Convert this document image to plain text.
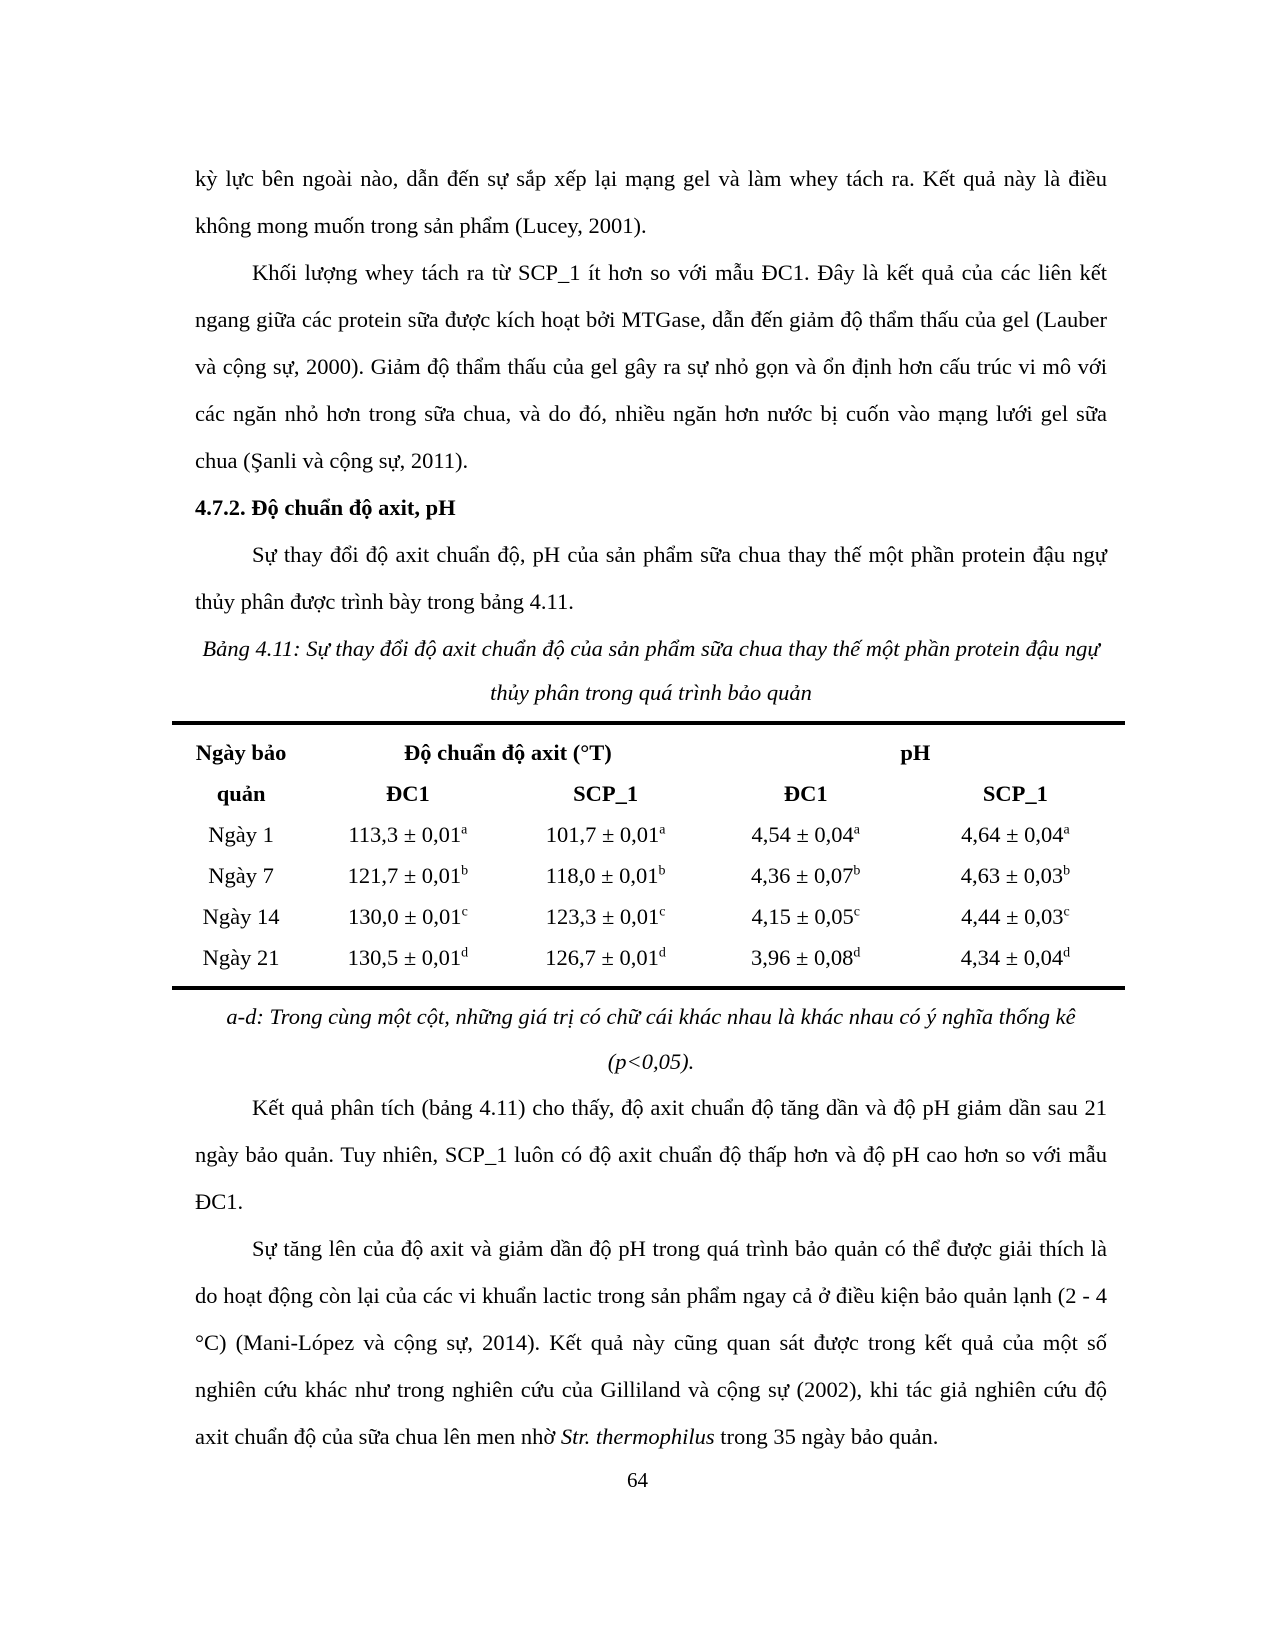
kỳ lực bên ngoài nào, dẫn đến sự sắp xếp lại mạng gel và làm whey tách ra. Kết quả này là điều không mong muốn trong sản phẩm (Lucey, 2001).

Khối lượng whey tách ra từ SCP_1 ít hơn so với mẫu ĐC1. Đây là kết quả của các liên kết ngang giữa các protein sữa được kích hoạt bởi MTGase, dẫn đến giảm độ thẩm thấu của gel (Lauber và cộng sự, 2000). Giảm độ thẩm thấu của gel gây ra sự nhỏ gọn và ổn định hơn cấu trúc vi mô với các ngăn nhỏ hơn trong sữa chua, và do đó, nhiều ngăn hơn nước bị cuốn vào mạng lưới gel sữa chua (Şanli và cộng sự, 2011).

4.7.2. Độ chuẩn độ axit, pH

Sự thay đổi độ axit chuẩn độ, pH của sản phẩm sữa chua thay thế một phần protein đậu ngự thủy phân được trình bày trong bảng 4.11.

Bảng 4.11: Sự thay đổi độ axit chuẩn độ của sản phẩm sữa chua thay thế một phần protein đậu ngự thủy phân trong quá trình bảo quản

Ngày bảo quản	Độ chuẩn độ axit (°T)		pH	
	ĐC1	SCP_1	ĐC1	SCP_1
Ngày 1	113,3 ± 0,01$^a$	101,7 ± 0,01$^a$	4,54 ± 0,04$^a$	4,64 ± 0,04$^a$
Ngày 7	121,7 ± 0,01$^b$	118,0 ± 0,01$^b$	4,36 ± 0,07$^b$	4,63 ± 0,03$^b$
Ngày 14	130,0 ± 0,01$^c$	123,3 ± 0,01$^c$	4,15 ± 0,05$^c$	4,44 ± 0,03$^c$
Ngày 21	130,5 ± 0,01$^d$	126,7 ± 0,01$^d$	3,96 ± 0,08$^d$	4,34 ± 0,04$^d$

a-d: Trong cùng một cột, những giá trị có chữ cái khác nhau là khác nhau có ý nghĩa thống kê (p<0,05).

Kết quả phân tích (bảng 4.11) cho thấy, độ axit chuẩn độ tăng dần và độ pH giảm dần sau 21 ngày bảo quản. Tuy nhiên, SCP_1 luôn có độ axit chuẩn độ thấp hơn và độ pH cao hơn so với mẫu ĐC1.

Sự tăng lên của độ axit và giảm dần độ pH trong quá trình bảo quản có thể được giải thích là do hoạt động còn lại của các vi khuẩn lactic trong sản phẩm ngay cả ở điều kiện bảo quản lạnh (2 - 4 °C) (Mani-López và cộng sự, 2014). Kết quả này cũng quan sát được trong kết quả của một số nghiên cứu khác như trong nghiên cứu của Gilliland và cộng sự (2002), khi tác giả nghiên cứu độ axit chuẩn độ của sữa chua lên men nhờ Str. thermophilus trong 35 ngày bảo quản.

64
